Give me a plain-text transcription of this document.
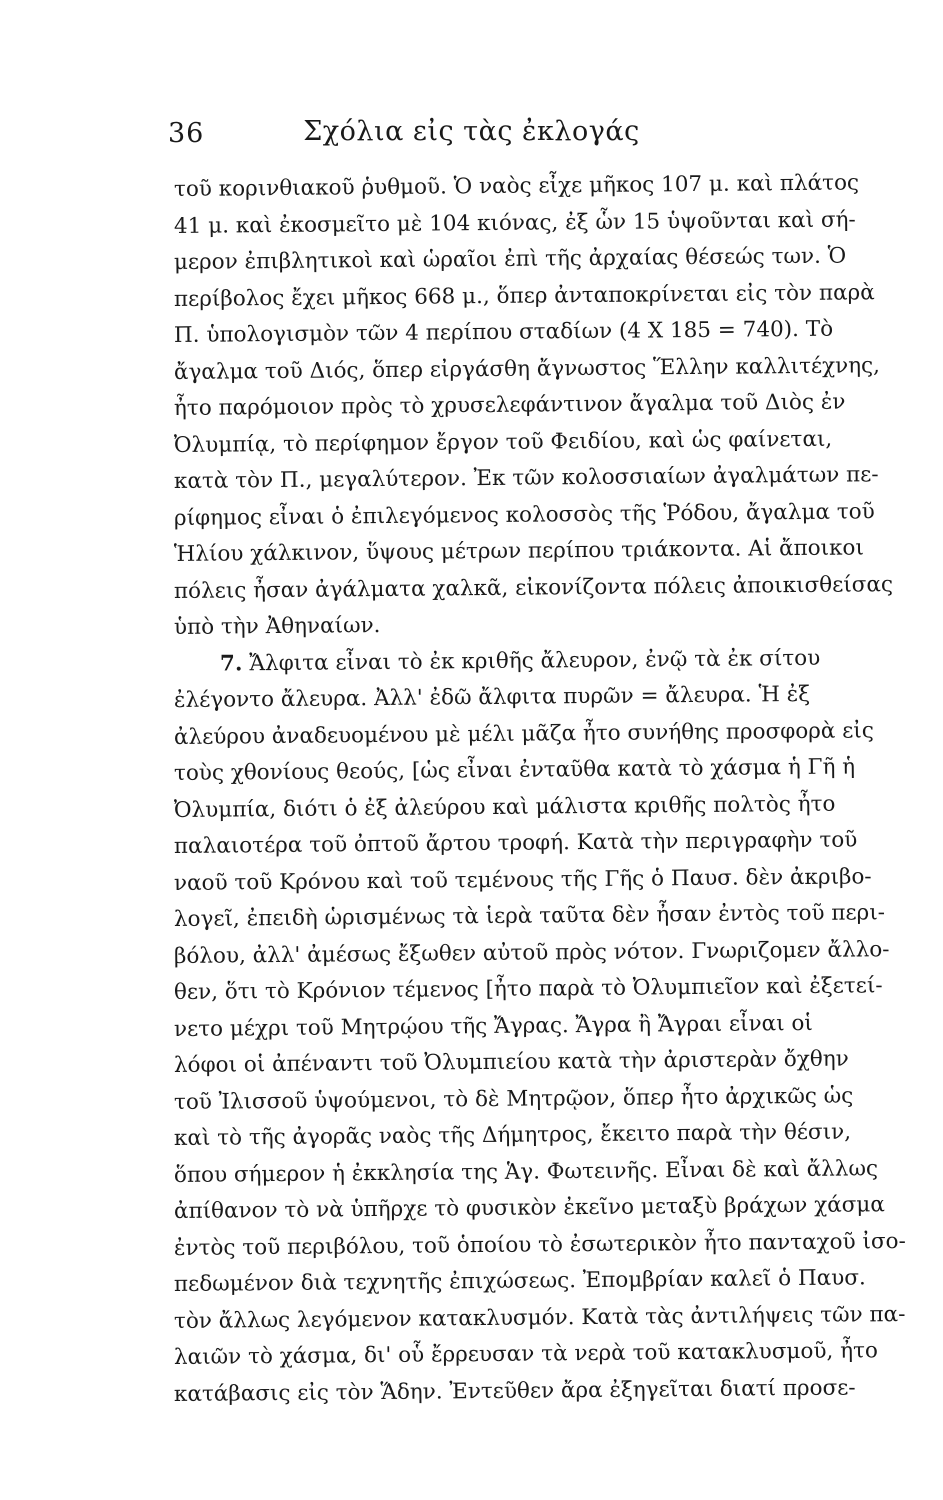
36	Σχόλια εἰς τὰς ἐκλογάς
τοῦ κορινθιακοῦ ῥυθμοῦ. Ὁ ναὸς εἶχε μῆκος 107 μ. καὶ πλάτος
41 μ. καὶ ἐκοσμεῖτο μὲ 104 κιόνας, ἐξ ὧν 15 ὑψοῦνται καὶ σή-
μερον ἐπιβλητικοὶ καὶ ὡραῖοι ἐπὶ τῆς ἀρχαίας θέσεώς των. Ὁ
περίβολος ἔχει μῆκος 668 μ., ὅπερ ἀνταποκρίνεται εἰς τὸν παρὰ
Π. ὑπολογισμὸν τῶν 4 περίπου σταδίων (4 X 185 = 740). Τὸ
ἄγαλμα τοῦ Διός, ὅπερ εἰργάσθη ἄγνωστος Ἕλλην καλλιτέχνης,
ἦτο παρόμοιον πρὸς τὸ χρυσελεφάντινον ἄγαλμα τοῦ Διὸς ἐν
Ὀλυμπίᾳ, τὸ περίφημον ἔργον τοῦ Φειδίου, καὶ ὡς φαίνεται,
κατὰ τὸν Π., μεγαλύτερον. Ἐκ τῶν κολοσσιαίων ἀγαλμάτων πε-
ρίφημος εἶναι ὁ ἐπιλεγόμενος κολοσσὸς τῆς Ῥόδου, ἄγαλμα τοῦ
Ἡλίου χάλκινον, ὕψους μέτρων περίπου τριάκοντα. Αἱ ἄποικοι
πόλεις ἦσαν ἀγάλματα χαλκᾶ, εἰκονίζοντα πόλεις ἀποικισθείσας
ὑπὸ τὴν Ἀθηναίων.
7. Ἄλφιτα εἶναι τὸ ἐκ κριθῆς ἄλευρον, ἐνῷ τὰ ἐκ σίτου
ἐλέγοντο ἄλευρα. Ἀλλ' ἐδῶ ἄλφιτα πυρῶν = ἄλευρα. Ἡ ἐξ
ἀλεύρου ἀναδευομένου μὲ μέλι μᾶζα ἦτο συνήθης προσφορὰ εἰς
τοὺς χθονίους θεούς, [ὡς εἶναι ἐνταῦθα κατὰ τὸ χάσμα ἡ Γῆ ἡ
Ὀλυμπία, διότι ὁ ἐξ ἀλεύρου καὶ μάλιστα κριθῆς πολτὸς ἦτο
παλαιοτέρα τοῦ ὀπτοῦ ἄρτου τροφή. Κατὰ τὴν περιγραφὴν τοῦ
ναοῦ τοῦ Κρόνου καὶ τοῦ τεμένους τῆς Γῆς ὁ Παυσ. δὲν ἀκριβο-
λογεῖ, ἐπειδὴ ὡρισμένως τὰ ἱερὰ ταῦτα δὲν ἦσαν ἐντὸς τοῦ περι-
βόλου, ἀλλ' ἀμέσως ἔξωθεν αὐτοῦ πρὸς νότον. Γνωριζομεν ἄλλο-
θεν, ὅτι τὸ Κρόνιον τέμενος [ἦτο παρὰ τὸ Ὀλυμπιεῖον καὶ ἐξετεί-
νετο μέχρι τοῦ Μητρῴου τῆς Ἄγρας. Ἄγρα ἢ Ἄγραι εἶναι οἱ
λόφοι οἱ ἀπέναντι τοῦ Ὀλυμπιείου κατὰ τὴν ἀριστερὰν ὄχθην
τοῦ Ἰλισσοῦ ὑψούμενοι, τὸ δὲ Μητρῷον, ὅπερ ἦτο ἀρχικῶς ὡς
καὶ τὸ τῆς ἀγορᾶς ναὸς τῆς Δήμητρος, ἔκειτο παρὰ τὴν θέσιν,
ὅπου σήμερον ἡ ἐκκλησία της Ἁγ. Φωτεινῆς. Εἶναι δὲ καὶ ἄλλως
ἀπίθανον τὸ νὰ ὑπῆρχε τὸ φυσικὸν ἐκεῖνο μεταξὺ βράχων χάσμα
ἐντὸς τοῦ περιβόλου, τοῦ ὁποίου τὸ ἐσωτερικὸν ἦτο πανταχοῦ ἰσο-
πεδωμένον διὰ τεχνητῆς ἐπιχώσεως. Ἐπομβρίαν καλεῖ ὁ Παυσ.
τὸν ἄλλως λεγόμενον κατακλυσμόν. Κατὰ τὰς ἀντιλήψεις τῶν πα-
λαιῶν τὸ χάσμα, δι' οὗ ἔρρευσαν τὰ νερὰ τοῦ κατακλυσμοῦ, ἦτο
κατάβασις εἰς τὸν Ἅδην. Ἐντεῦθεν ἄρα ἐξηγεῖται διατί προσε-
